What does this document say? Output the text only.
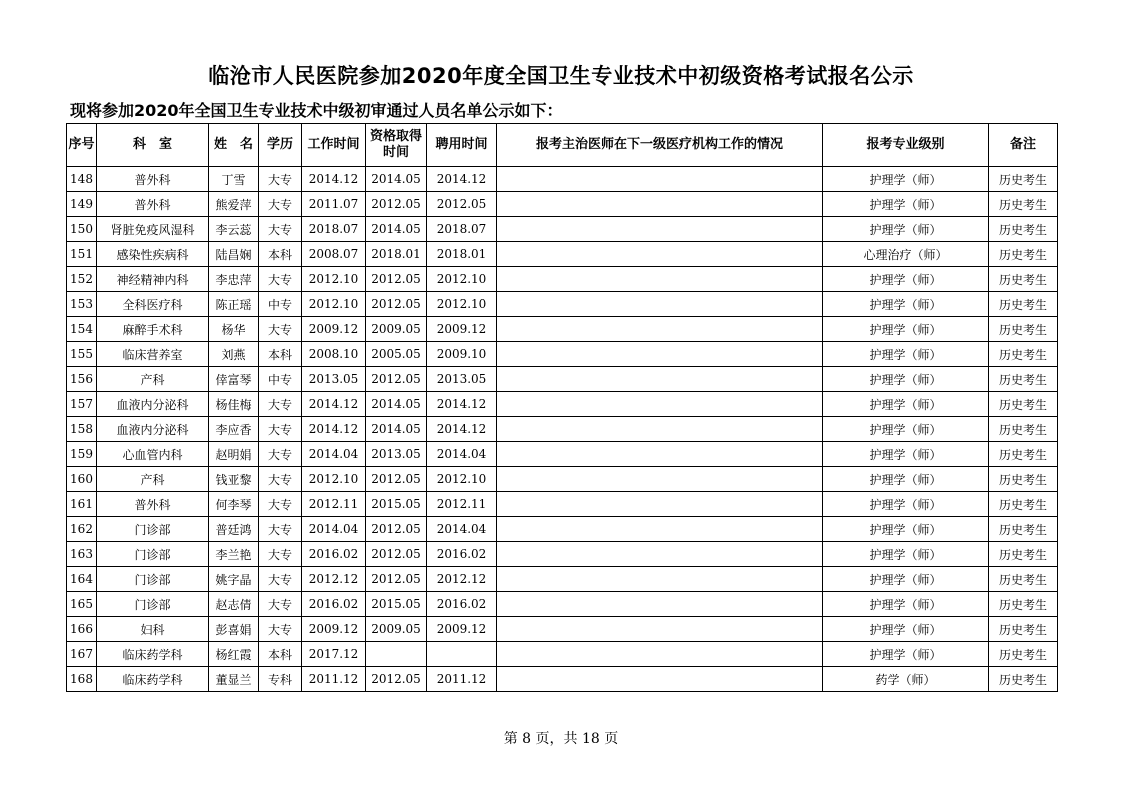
临沧市人民医院参加2020年度全国卫生专业技术中初级资格考试报名公示
现将参加2020年全国卫生专业技术中级初审通过人员名单公示如下：
序号	科　室	姓　名	学历	工作时间	资格取得时间	聘用时间	报考主治医师在下一级医疗机构工作的情况	报考专业级别	备注
148	普外科	丁雪	大专	2014.12	2014.05	2014.12		护理学（师）	历史考生
149	普外科	熊爱萍	大专	2011.07	2012.05	2012.05		护理学（师）	历史考生
150	肾脏免疫风湿科	李云蕊	大专	2018.07	2014.05	2018.07		护理学（师）	历史考生
151	感染性疾病科	陆昌娴	本科	2008.07	2018.01	2018.01		心理治疗（师）	历史考生
152	神经精神内科	李忠萍	大专	2012.10	2012.05	2012.10		护理学（师）	历史考生
153	全科医疗科	陈正瑶	中专	2012.10	2012.05	2012.10		护理学（师）	历史考生
154	麻醉手术科	杨华	大专	2009.12	2009.05	2009.12		护理学（师）	历史考生
155	临床营养室	刘燕	本科	2008.10	2005.05	2009.10		护理学（师）	历史考生
156	产科	倖富琴	中专	2013.05	2012.05	2013.05		护理学（师）	历史考生
157	血液内分泌科	杨佳梅	大专	2014.12	2014.05	2014.12		护理学（师）	历史考生
158	血液内分泌科	李应香	大专	2014.12	2014.05	2014.12		护理学（师）	历史考生
159	心血管内科	赵明娟	大专	2014.04	2013.05	2014.04		护理学（师）	历史考生
160	产科	钱亚黎	大专	2012.10	2012.05	2012.10		护理学（师）	历史考生
161	普外科	何李琴	大专	2012.11	2015.05	2012.11		护理学（师）	历史考生
162	门诊部	普廷鸿	大专	2014.04	2012.05	2014.04		护理学（师）	历史考生
163	门诊部	李兰艳	大专	2016.02	2012.05	2016.02		护理学（师）	历史考生
164	门诊部	姚字晶	大专	2012.12	2012.05	2012.12		护理学（师）	历史考生
165	门诊部	赵志倩	大专	2016.02	2015.05	2016.02		护理学（师）	历史考生
166	妇科	彭喜娟	大专	2009.12	2009.05	2009.12		护理学（师）	历史考生
167	临床药学科	杨红霞	本科	2017.12				护理学（师）	历史考生
168	临床药学科	董显兰	专科	2011.12	2012.05	2011.12		药学（师）	历史考生
第 8 页，共 18 页
